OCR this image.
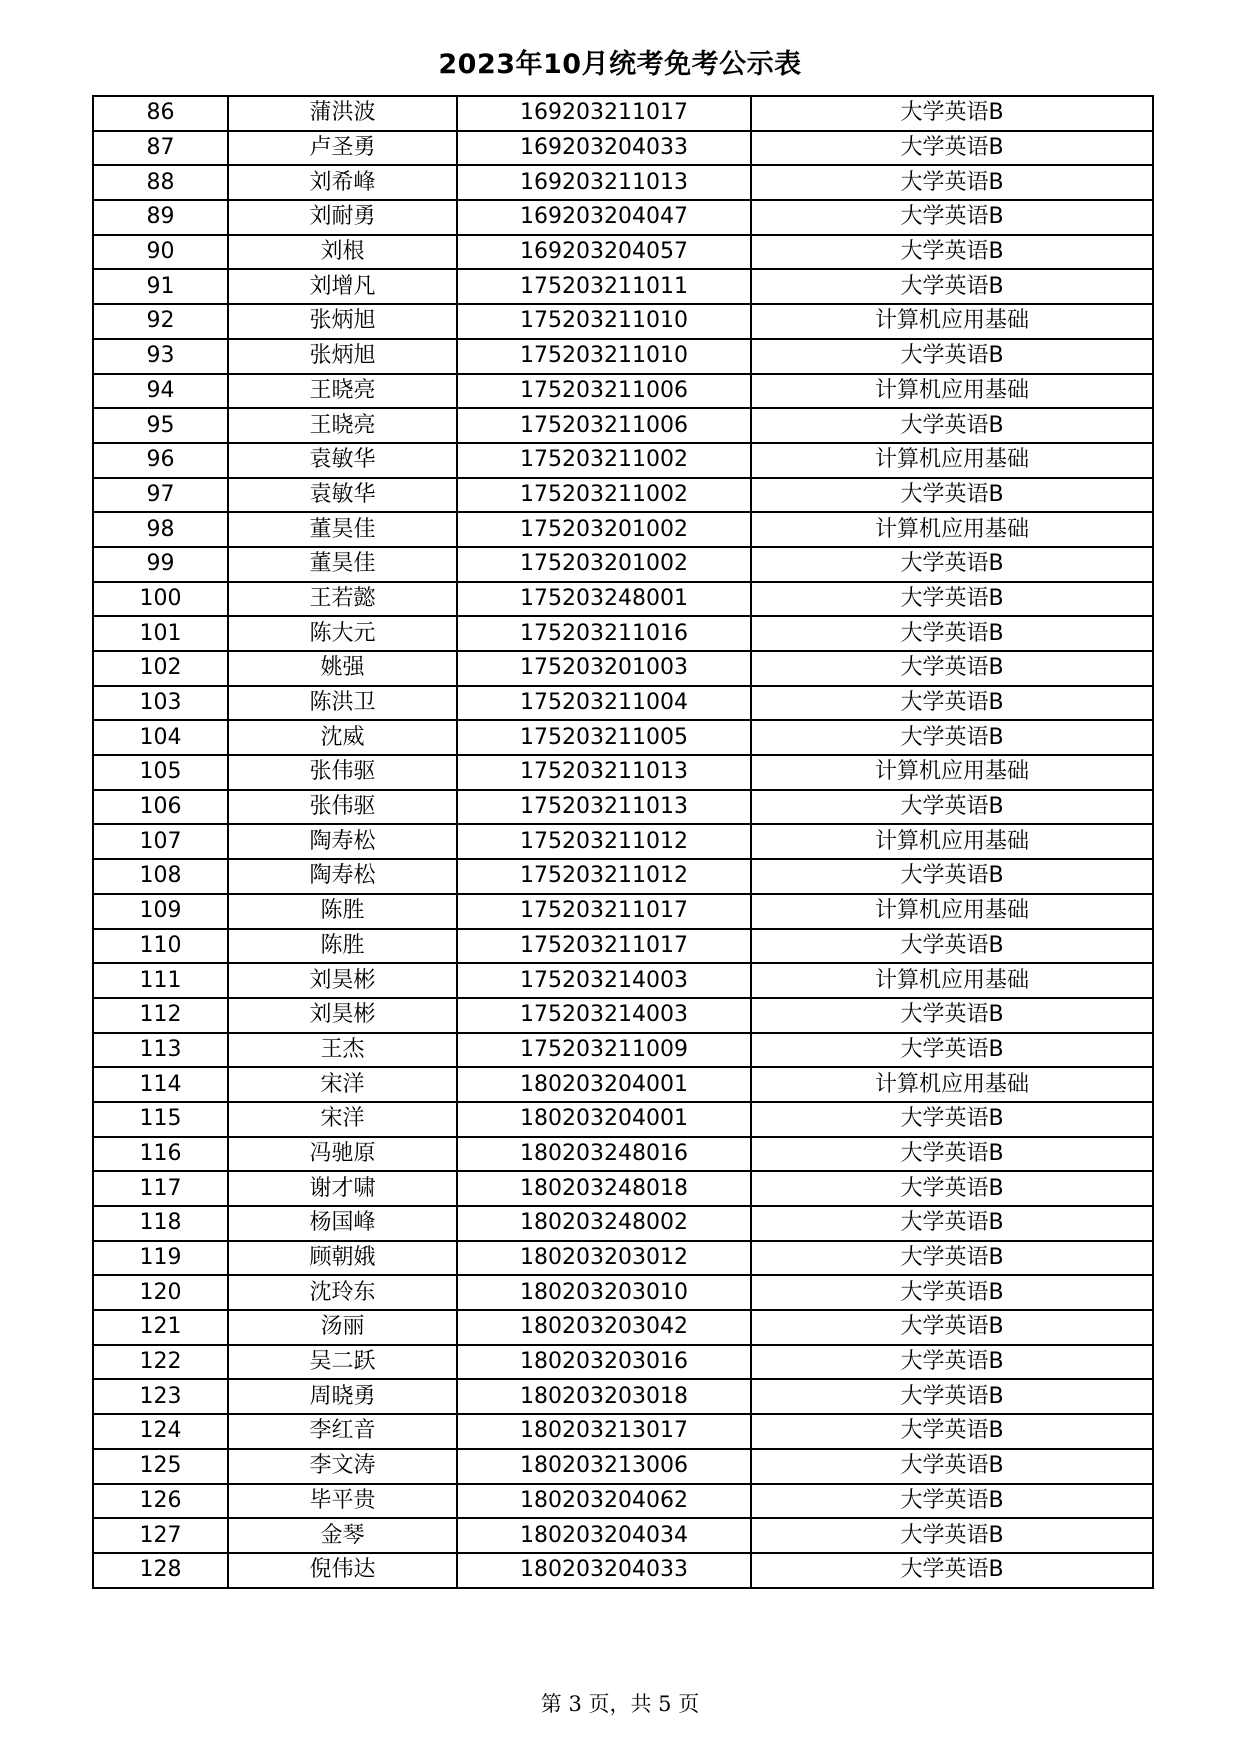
2023年10月统考免考公示表
86	蒲洪波	169203211017	大学英语B
87	卢圣勇	169203204033	大学英语B
88	刘希峰	169203211013	大学英语B
89	刘耐勇	169203204047	大学英语B
90	刘根	169203204057	大学英语B
91	刘增凡	175203211011	大学英语B
92	张炳旭	175203211010	计算机应用基础
93	张炳旭	175203211010	大学英语B
94	王晓亮	175203211006	计算机应用基础
95	王晓亮	175203211006	大学英语B
96	袁敏华	175203211002	计算机应用基础
97	袁敏华	175203211002	大学英语B
98	董昊佳	175203201002	计算机应用基础
99	董昊佳	175203201002	大学英语B
100	王若懿	175203248001	大学英语B
101	陈大元	175203211016	大学英语B
102	姚强	175203201003	大学英语B
103	陈洪卫	175203211004	大学英语B
104	沈威	175203211005	大学英语B
105	张伟驱	175203211013	计算机应用基础
106	张伟驱	175203211013	大学英语B
107	陶寿松	175203211012	计算机应用基础
108	陶寿松	175203211012	大学英语B
109	陈胜	175203211017	计算机应用基础
110	陈胜	175203211017	大学英语B
111	刘昊彬	175203214003	计算机应用基础
112	刘昊彬	175203214003	大学英语B
113	王杰	175203211009	大学英语B
114	宋洋	180203204001	计算机应用基础
115	宋洋	180203204001	大学英语B
116	冯驰原	180203248016	大学英语B
117	谢才啸	180203248018	大学英语B
118	杨国峰	180203248002	大学英语B
119	顾朝娥	180203203012	大学英语B
120	沈玲东	180203203010	大学英语B
121	汤丽	180203203042	大学英语B
122	吴二跃	180203203016	大学英语B
123	周晓勇	180203203018	大学英语B
124	李红音	180203213017	大学英语B
125	李文涛	180203213006	大学英语B
126	毕平贵	180203204062	大学英语B
127	金琴	180203204034	大学英语B
128	倪伟达	180203204033	大学英语B
第 3 页，共 5 页
